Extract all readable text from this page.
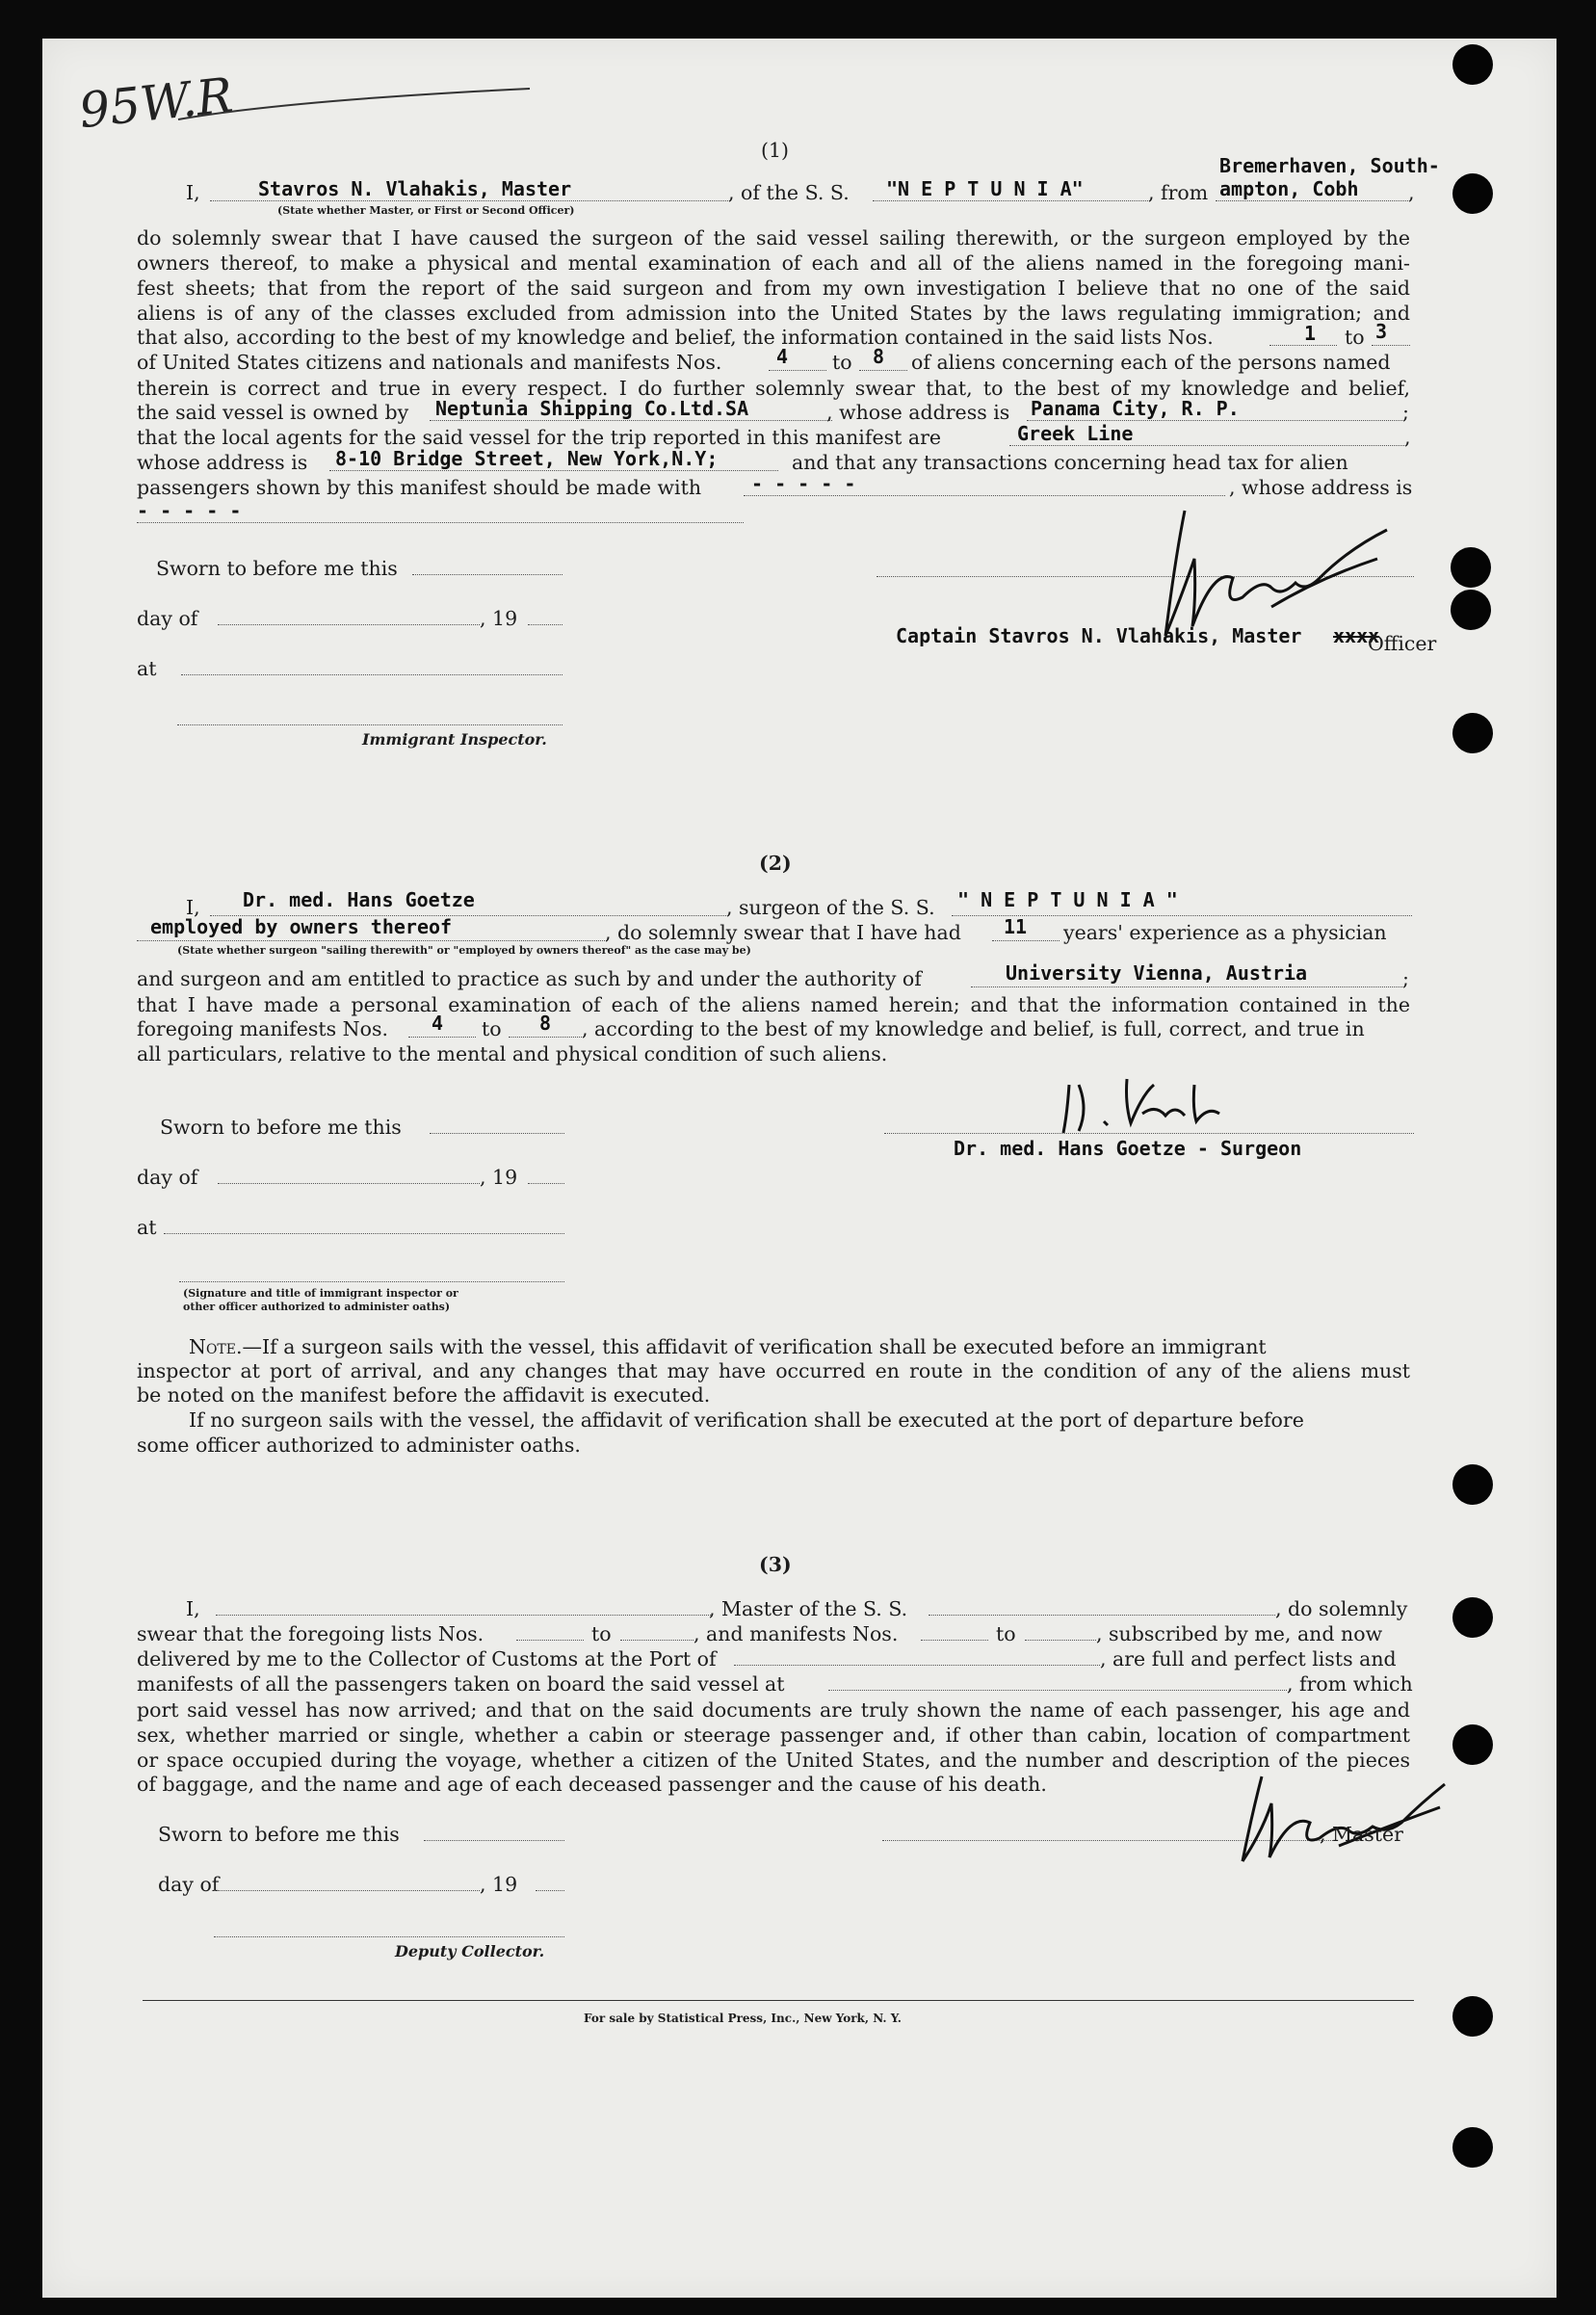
95W.R
(1)
I,	Stavros N. Vlahakis, Master	, of the S. S. "N E P T U N I A"	, from
Bremerhaven, South-
ampton, Cobh	,
(State whether Master, or First or Second Officer)
do solemnly swear that I have caused the surgeon of the said vessel sailing therewith, or the surgeon employed by the
owners thereof, to make a physical and mental examination of each and all of the aliens named in the foregoing mani-
fest sheets; that from the report of the said surgeon and from my own investigation I believe that no one of the said
aliens is of any of the classes excluded from admission into the United States by the laws regulating immigration; and
that also, according to the best of my knowledge and belief, the information contained in the said lists Nos.	1 to 3
of United States citizens and nationals and manifests Nos.	4 to 8 of aliens concerning each of the persons named
therein is correct and true in every respect. I do further solemnly swear that, to the best of my knowledge and belief,
the said vessel is owned by Neptunia Shipping Co.Ltd.SA	, whose address is Panama City, R. P.	;
that the local agents for the said vessel for the trip reported in this manifest are	Greek Line	,
whose address is 8-10 Bridge Street, New York,N.Y;	and that any transactions concerning head tax for alien
passengers shown by this manifest should be made with	- - - - -	, whose address is
- - - - -
Sworn to before me this
day of	, 19
at
Immigrant Inspector.
Captain Stavros N. Vlahakis, Master xxxx
Officer
(2)
I, Dr. med. Hans Goetze	, surgeon of the S. S. " N E P T U N I A "
employed by owners thereof	, do solemnly swear that I have had 11 years' experience as a physician
(State whether surgeon "sailing therewith" or "employed by owners thereof" as the case may be)
and surgeon and am entitled to practice as such by and under the authority of	University Vienna, Austria	;
that I have made a personal examination of each of the aliens named herein; and that the information contained in the
foregoing manifests Nos. 4 to 8 , according to the best of my knowledge and belief, is full, correct, and true in
all particulars, relative to the mental and physical condition of such aliens.
Sworn to before me this
day of	, 19
at
(Signature and title of immigrant inspector or
other officer authorized to administer oaths)
Dr. med. Hans Goetze - Surgeon
Note.—If a surgeon sails with the vessel, this affidavit of verification shall be executed before an immigrant
inspector at port of arrival, and any changes that may have occurred en route in the condition of any of the aliens must
be noted on the manifest before the affidavit is executed.
If no surgeon sails with the vessel, the affidavit of verification shall be executed at the port of departure before
some officer authorized to administer oaths.
(3)
I,	, Master of the S. S.	, do solemnly
swear that the foregoing lists Nos.	to	, and manifests Nos.	to	, subscribed by me, and now
delivered by me to the Collector of Customs at the Port of	, are full and perfect lists and
manifests of all the passengers taken on board the said vessel at	, from which
port said vessel has now arrived; and that on the said documents are truly shown the name of each passenger, his age and
sex, whether married or single, whether a cabin or steerage passenger and, if other than cabin, location of compartment
or space occupied during the voyage, whether a citizen of the United States, and the number and description of the pieces
of baggage, and the name and age of each deceased passenger and the cause of his death.
Sworn to before me this	, Master
day of	, 19
Deputy Collector.
For sale by Statistical Press, Inc., New York, N. Y.
